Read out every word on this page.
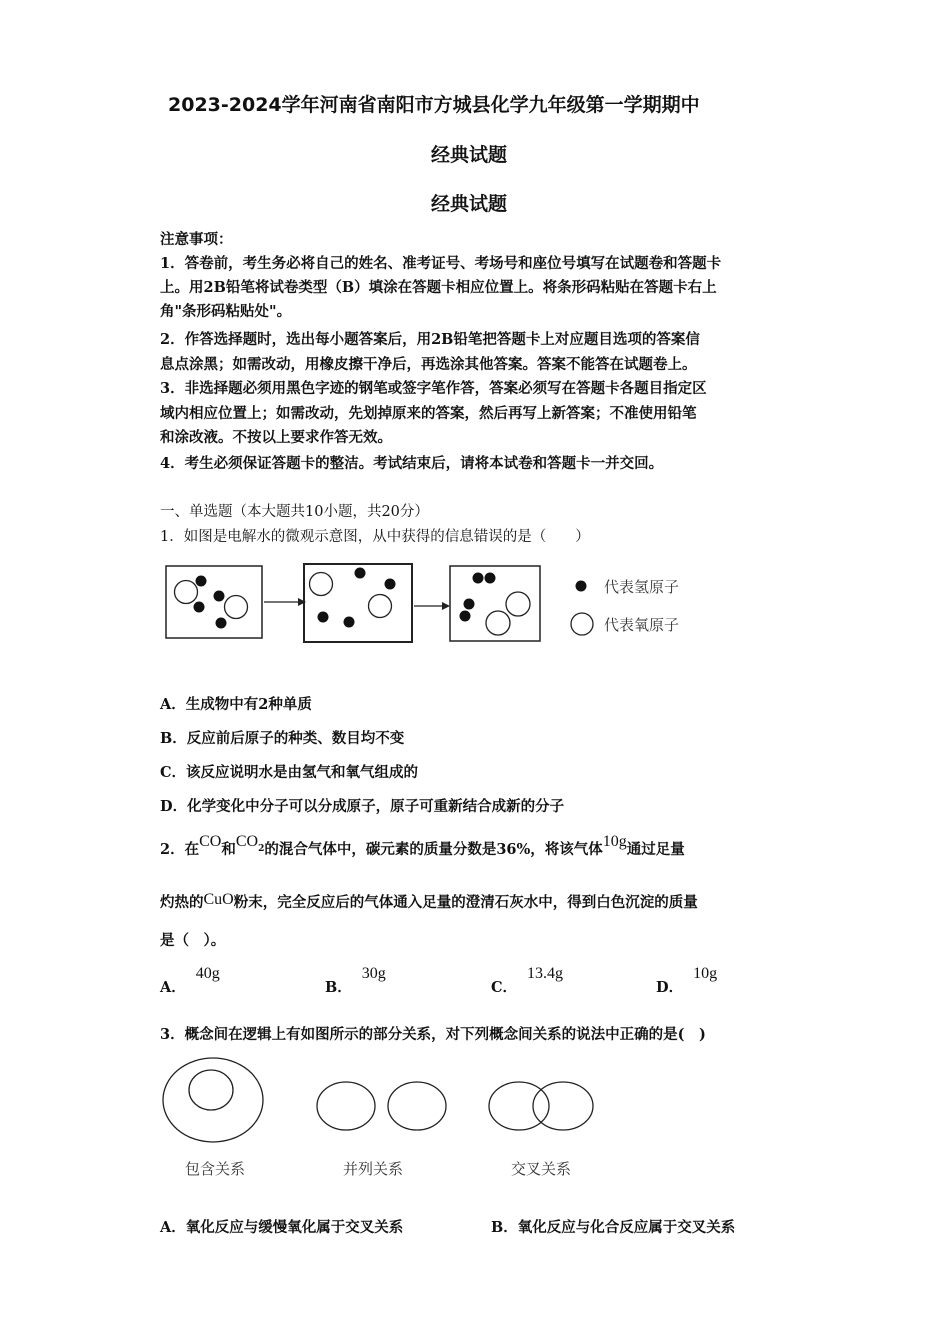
2023-2024学年河南省南阳市方城县化学九年级第一学期期中
经典试题
经典试题
注意事项：
1．答卷前，考生务必将自己的姓名、准考证号、考场号和座位号填写在试题卷和答题卡
上。用2B铅笔将试卷类型（B）填涂在答题卡相应位置上。将条形码粘贴在答题卡右上
角"条形码粘贴处"。
2．作答选择题时，选出每小题答案后，用2B铅笔把答题卡上对应题目选项的答案信
息点涂黑；如需改动，用橡皮擦干净后，再选涂其他答案。答案不能答在试题卷上。
3．非选择题必须用黑色字迹的钢笔或签字笔作答，答案必须写在答题卡各题目指定区
域内相应位置上；如需改动，先划掉原来的答案，然后再写上新答案；不准使用铅笔
和涂改液。不按以上要求作答无效。
4．考生必须保证答题卡的整洁。考试结束后，请将本试卷和答题卡一并交回。
一、单选题（本大题共10小题，共20分）
1．如图是电解水的微观示意图，从中获得的信息错误的是（　　）
代表氢原子
代表氧原子
A．生成物中有2种单质
B．反应前后原子的种类、数目均不变
C．该反应说明水是由氢气和氧气组成的
D．化学变化中分子可以分成原子，原子可重新结合成新的分子
2．在CO和$CO^2$的混合气体中，碳元素的质量分数是36%，将该气体10g通过足量
灼热的CuO粉末，完全反应后的气体通入足量的澄清石灰水中，得到白色沉淀的质量
是（　）。
A．40g
B．30g
C．13.4g
D．10g
3．概念间在逻辑上有如图所示的部分关系，对下列概念间关系的说法中正确的是(　)
包含关系	并列关系	交叉关系
A．氧化反应与缓慢氧化属于交叉关系	B．氧化反应与化合反应属于交叉关系
